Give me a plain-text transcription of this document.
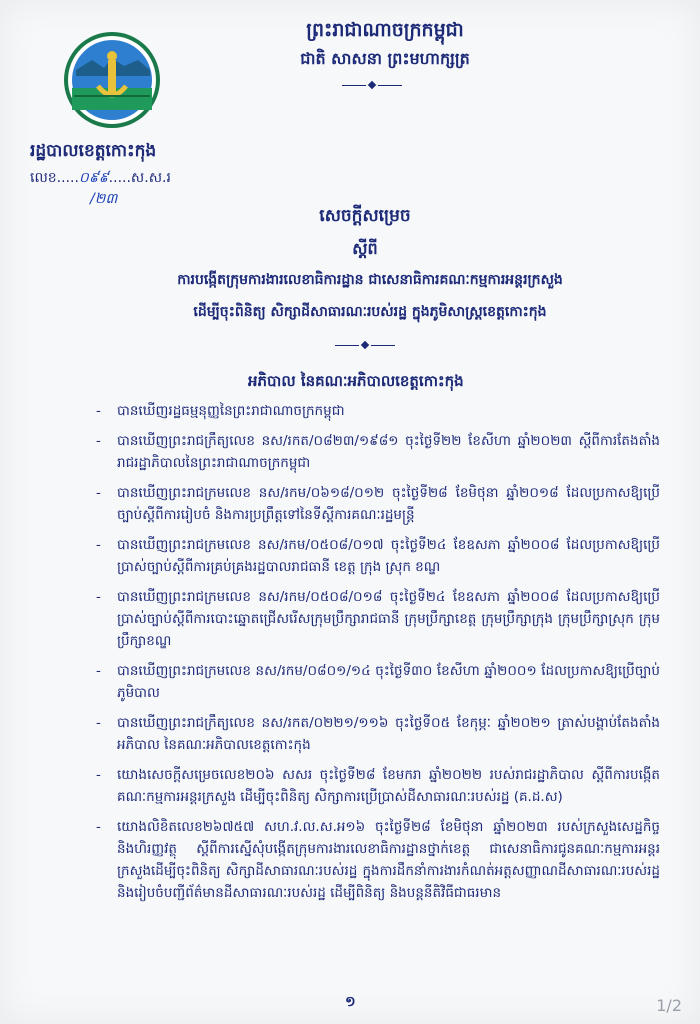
ព្រះរាជាណាចក្រកម្ពុជា
ជាតិ សាសនា ព្រះមហាក្សត្រ
រដ្ឋបាលខេត្តកោះកុង
លេខ.....០៩៩.....ស.ស.រ
/២៣
សេចក្តីសម្រេច
ស្តីពី
ការបង្កើតក្រុមការងារលេខាធិការដ្ឋាន ជាសេនាធិការគណៈកម្មការអន្តរក្រសួង
ដើម្បីចុះពិនិត្យ សិក្សាដីសាធារណៈរបស់រដ្ឋ ក្នុងភូមិសាស្ត្រខេត្តកោះកុង
អភិបាល នៃគណៈអភិបាលខេត្តកោះកុង
- បានឃើញរដ្ឋធម្មនុញ្ញនៃព្រះរាជាណាចក្រកម្ពុជា
- បានឃើញព្រះរាជក្រឹត្យលេខ នស/រកត/០៨២៣/១៩៨១ ចុះថ្ងៃទី២២ ខែសីហា ឆ្នាំ២០២៣ ស្តីពីការតែងតាំងរាជរដ្ឋាភិបាលនៃព្រះរាជាណាចក្រកម្ពុជា
- បានឃើញព្រះរាជក្រមលេខ នស/រកម/០៦១៨/០១២ ចុះថ្ងៃទី២៨ ខែមិថុនា ឆ្នាំ២០១៨ ដែលប្រកាសឱ្យប្រើច្បាប់ស្តីពីការរៀបចំ និងការប្រព្រឹត្តទៅនៃទីស្តីការគណៈរដ្ឋមន្ត្រី
- បានឃើញព្រះរាជក្រមលេខ នស/រកម/០៥០៨/០១៧ ចុះថ្ងៃទី២៤ ខែឧសភា ឆ្នាំ២០០៨ ដែលប្រកាសឱ្យប្រើប្រាស់ច្បាប់ស្តីពីការគ្រប់គ្រងរដ្ឋបាលរាជធានី ខេត្ត ក្រុង ស្រុក ខណ្ឌ
- បានឃើញព្រះរាជក្រមលេខ នស/រកម/០៥០៨/០១៨ ចុះថ្ងៃទី២៤ ខែឧសភា ឆ្នាំ២០០៨ ដែលប្រកាសឱ្យប្រើប្រាស់ច្បាប់ស្តីពីការបោះឆ្នោតជ្រើសរើសក្រុមប្រឹក្សារាជធានី ក្រុមប្រឹក្សាខេត្ត ក្រុមប្រឹក្សាក្រុង ក្រុមប្រឹក្សាស្រុក ក្រុមប្រឹក្សាខណ្ឌ
- បានឃើញព្រះរាជក្រមលេខ នស/រកម/០៨០១/១៤ ចុះថ្ងៃទី៣០ ខែសីហា ឆ្នាំ២០០១ ដែលប្រកាសឱ្យប្រើច្បាប់ភូមិបាល
- បានឃើញព្រះរាជក្រឹត្យលេខ នស/រកត/០២២១/១១៦ ចុះថ្ងៃទី០៥ ខែកុម្ភៈ ឆ្នាំ២០២១ ត្រាស់បង្គាប់តែងតាំង អភិបាល នៃគណៈអភិបាលខេត្តកោះកុង
- យោងសេចក្តីសម្រេចលេខ២០៦ សសរ ចុះថ្ងៃទី២៨ ខែមករា ឆ្នាំ២០២២ របស់រាជរដ្ឋាភិបាល ស្តីពីការបង្កើតគណៈកម្មការអន្តរក្រសួង ដើម្បីចុះពិនិត្យ សិក្សាការប្រើប្រាស់ដីសាធារណៈរបស់រដ្ឋ (គ.ដ.ស)
- យោងលិខិតលេខ២៦៧៥៧ សហ.វ.ល.ស.អ១៦ ចុះថ្ងៃទី២៨ ខែមិថុនា ឆ្នាំ២០២៣ របស់ក្រសួងសេដ្ឋកិច្ចនិងហិរញ្ញវត្ថុ ស្តីពីការស្នើសុំបង្កើតក្រុមការងារលេខាធិការដ្ឋានថ្នាក់ខេត្ត ជាសេនាធិការជូនគណៈកម្មការអន្តរក្រសួងដើម្បីចុះពិនិត្យ សិក្សាដីសាធារណៈរបស់រដ្ឋ ក្នុងការដឹកនាំការងារកំណត់អត្តសញ្ញាណដីសាធារណៈរបស់រដ្ឋ និងរៀបចំបញ្ជីព័ត៌មានដីសាធារណៈរបស់រដ្ឋ ដើម្បីពិនិត្យ និងបន្តនីតិវិធីជាធរមាន
១	1/2
